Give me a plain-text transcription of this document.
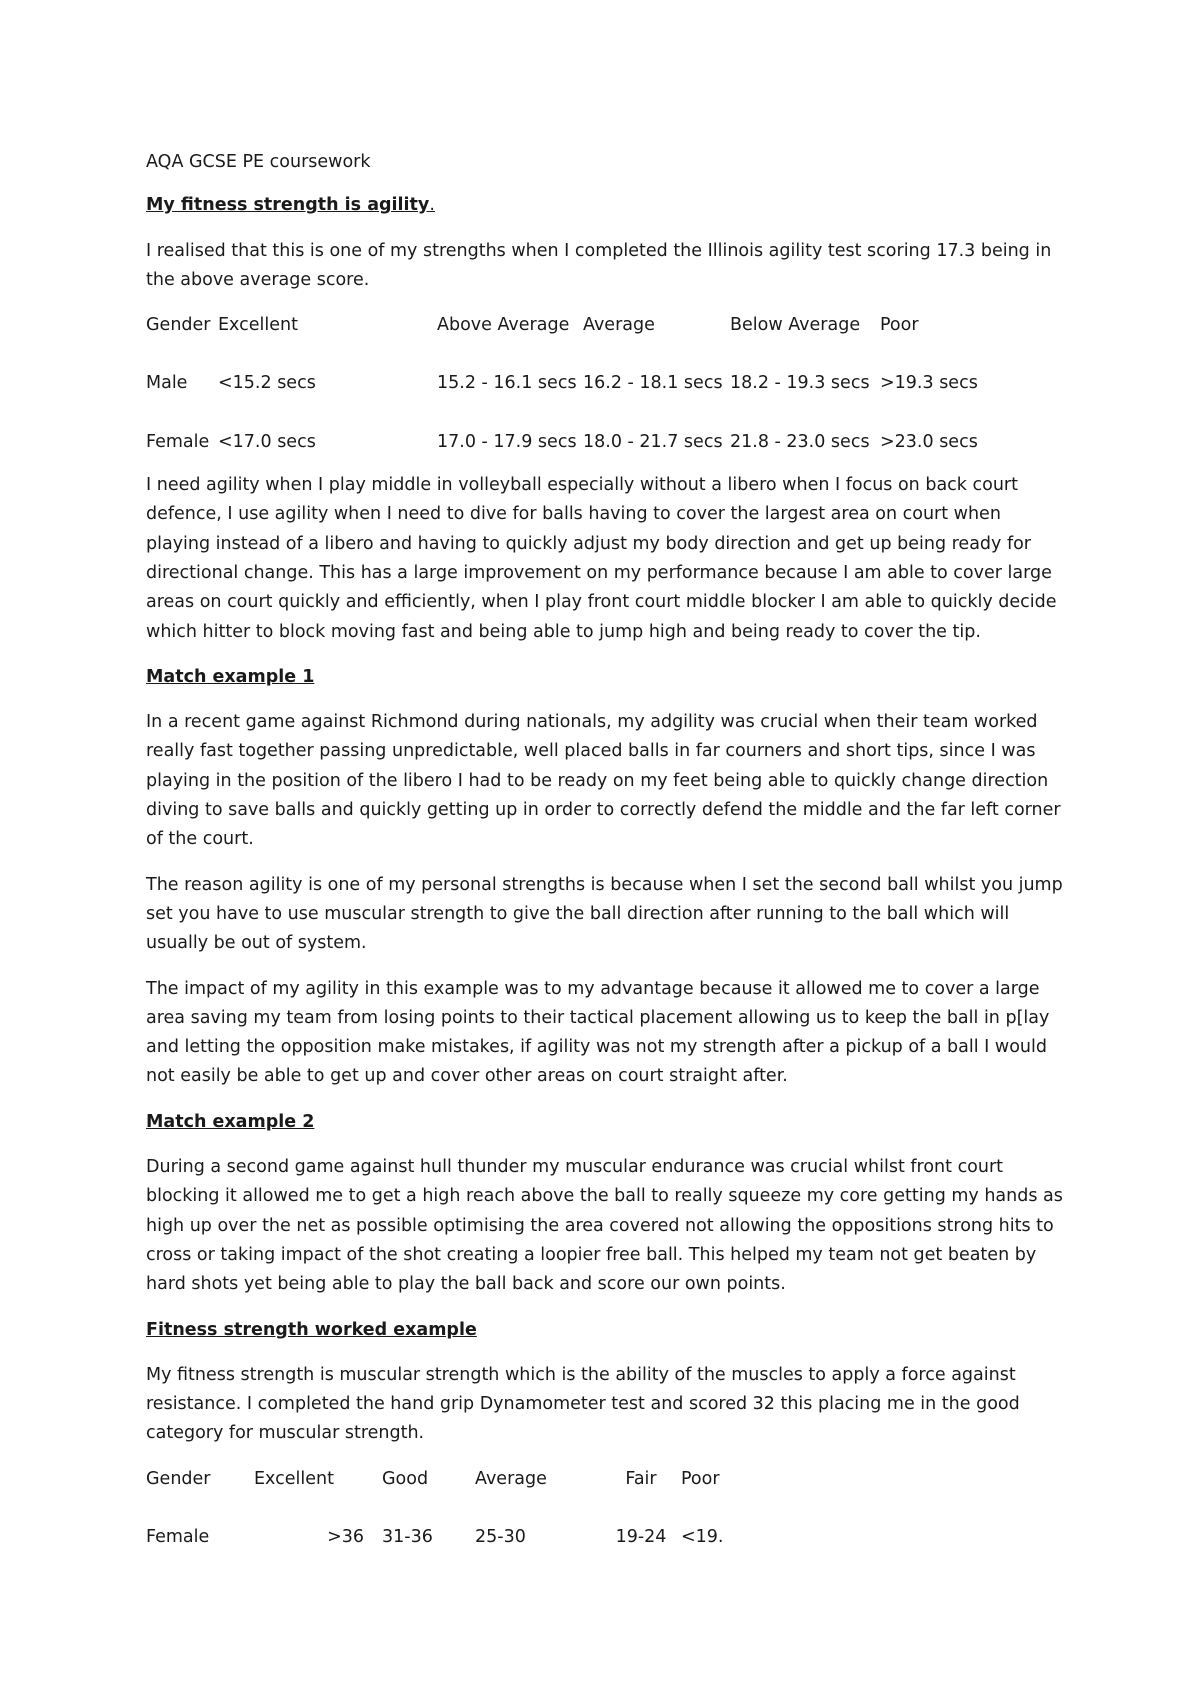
AQA GCSE PE coursework

My fitness strength is agility.

I realised that this is one of my strengths when I completed the Illinois agility test scoring 17.3 being in the above average score.

Gender	Excellent	Above Average	Average	Below Average	Poor

Male	<15.2 secs	15.2 - 16.1 secs	16.2 - 18.1 secs	18.2 - 19.3 secs	>19.3 secs

Female	<17.0 secs	17.0 - 17.9 secs	18.0 - 21.7 secs	21.8 - 23.0 secs	>23.0 secs

I need agility when I play middle in volleyball especially without a libero when I focus on back court defence, I use agility when I need to dive for balls having to cover the largest area on court when playing instead of a libero and having to quickly adjust my body direction and get up being ready for directional change. This has a large improvement on my performance because I am able to cover large areas on court quickly and efficiently, when I play front court middle blocker I am able to quickly decide which hitter to block moving fast and being able to jump high and being ready to cover the tip.

Match example 1

In a recent game against Richmond during nationals, my adgility was crucial when their team worked really fast together passing unpredictable, well placed balls in far courners and short tips, since I was playing in the position of the libero I had to be ready on my feet being able to quickly change direction diving to save balls and quickly getting up in order to correctly defend the middle and the far left corner of the court.

The reason agility is one of my personal strengths is because when I set the second ball whilst you jump set you have to use muscular strength to give the ball direction after running to the ball which will usually be out of system.

The impact of my agility in this example was to my advantage because it allowed me to cover a large area saving my team from losing points to their tactical placement allowing us to keep the ball in p[lay and letting the opposition make mistakes, if agility was not my strength after a pickup of a ball I would not easily be able to get up and cover other areas on court straight after.

Match example 2

During a second game against hull thunder my muscular endurance was crucial whilst front court blocking it allowed me to get a high reach above the ball to really squeeze my core getting my hands as high up over the net as possible optimising the area covered not allowing the oppositions strong hits to cross or taking impact of the shot creating a loopier free ball. This helped my team not get beaten by hard shots yet being able to play the ball back and score our own points.

Fitness strength worked example

My fitness strength is muscular strength which is the ability of the muscles to apply a force against resistance. I completed the hand grip Dynamometer test and scored 32 this placing me in the good category for muscular strength.

Gender	Excellent	Good	Average	Fair	Poor

Female	>36	31-36	25-30	19-24	<19.
